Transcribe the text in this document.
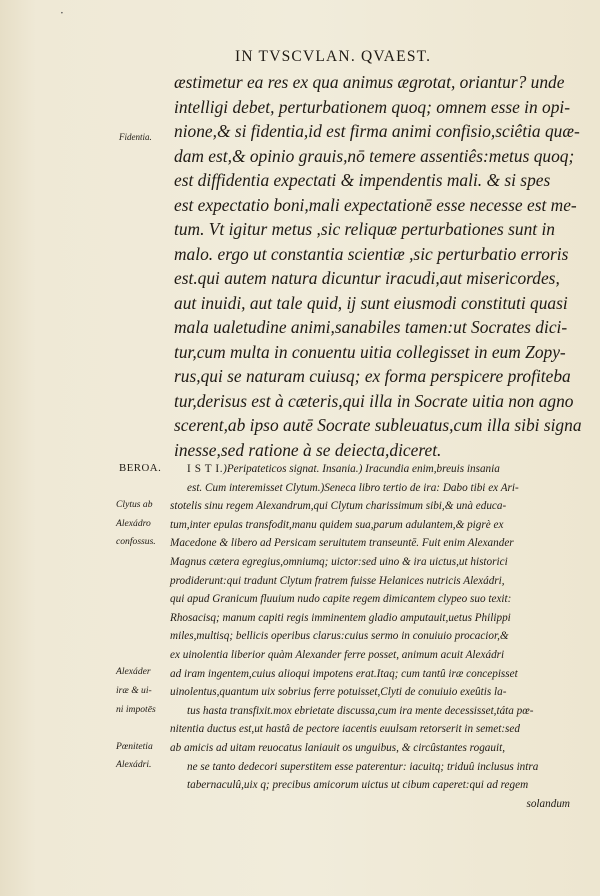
·
IN TVSCVLAN. QVAEST.
Fidentia.
æstimetur ea res ex qua animus ægrotat, oriantur? unde
intelligi debet, perturbationem quoq; omnem esse in opi-
nione,& si fidentia,id est firma animi confisio,sciêtia quæ-
dam est,& opinio grauis,nō temere assentiês:metus quoq;
est diffidentia expectati & impendentis mali. & si spes
est expectatio boni,mali expectationē esse necesse est me-
tum. Vt igitur metus ,sic reliquæ perturbationes sunt in
malo. ergo ut constantia scientiæ ,sic perturbatio erroris
est.qui autem natura dicuntur iracudi,aut misericordes,
aut inuidi, aut tale quid, ij sunt eiusmodi constituti quasi
mala ualetudine animi,sanabiles tamen:ut Socrates dici-
tur,cum multa in conuentu uitia collegisset in eum Zopy-
rus,qui se naturam cuiusq; ex forma perspicere profiteba
tur,derisus est à cæteris,qui illa in Socrate uitia non agno
scerent,ab ipso autē Socrate subleuatus,cum illa sibi signa
inesse,sed ratione à se deiecta,diceret.
BEROA.	I S T I.)Peripateticos signat. Insania.) Iracundia enim,breuis insania
est. Cum interemisset Clytum.)Seneca libro tertio de ira: Dabo tibi ex Ari-
stotelis sinu regem Alexandrum,qui Clytum charissimum sibi,& unà educa-
tum,inter epulas transfodit,manu quidem sua,parum adulantem,& pigrè ex
Macedone & libero ad Persicam seruitutem transeuntē. Fuit enim Alexander
Magnus cætera egregius,omniumq; uictor:sed uino & ira uictus,ut historici
prodiderunt:qui tradunt Clytum fratrem fuisse Helanices nutricis Alexádri,
qui apud Granicum fluuium nudo capite regem dimicantem clypeo suo texit:
Rhosacisq; manum capiti regis imminentem gladio amputauit,uetus Philippi
miles,multisq; bellicis operibus clarus:cuius sermo in conuiuio procacior,&
ex uinolentia liberior quàm Alexander ferre posset, animum acuit Alexádri
ad iram ingentem,cuius alioqui impotens erat.Itaq; cum tantû iræ concepisset
uinolentus,quantum uix sobrius ferre potuisset,Clyti de conuiuio exeûtis la-
tus hasta transfixit.mox ebrietate discussa,cum ira mente decessisset,táta pœ-
nitentia ductus est,ut hastâ de pectore iacentis euulsam retorserit in semet:sed
ab amicis ad uitam reuocatus laniauit os unguibus, & circûstantes rogauit,
ne se tanto dedecori superstitem esse paterentur: iacuitq; triduû inclusus intra
tabernaculû,uix q; precibus amicorum uictus ut cibum caperet:qui ad regem
solandum
Clytus ab
Alexádro
confossus.
Alexáder
iræ & ui-
ni impotēs
Pœnitetia
Alexádri.
